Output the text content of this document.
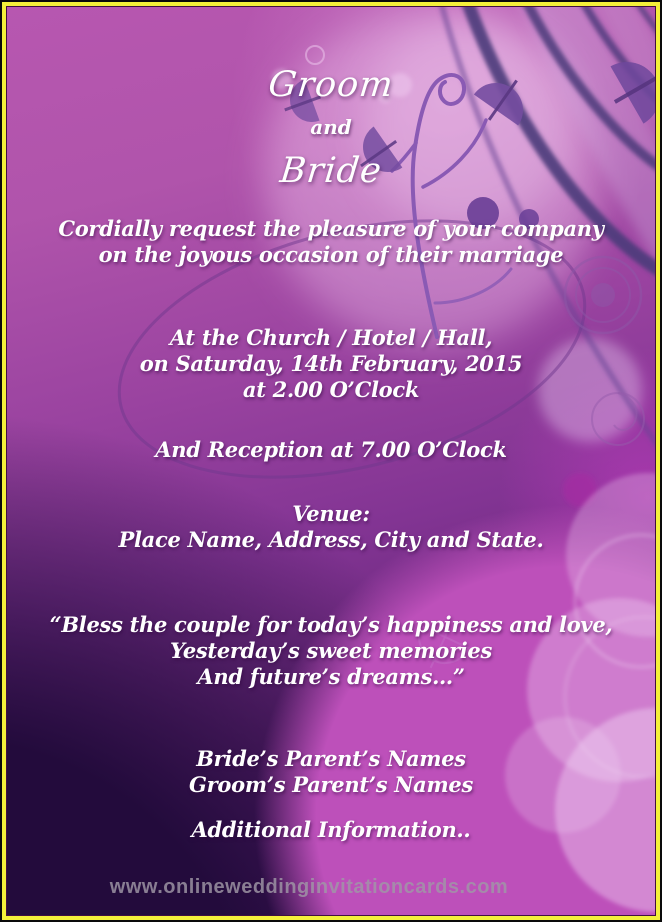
Groom
and
Bride
Cordially request the pleasure of your company
on the joyous occasion of their marriage
At the Church / Hotel / Hall,
on Saturday, 14th February, 2015
at 2.00 O’Clock
And Reception at 7.00 O’Clock
Venue:
Place Name, Address, City and State.
“Bless the couple for today’s happiness and love,
Yesterday’s sweet memories
And future’s dreams…”
Bride’s Parent’s Names
Groom’s Parent’s Names
Additional Information..
www.onlineweddinginvitationcards.com
